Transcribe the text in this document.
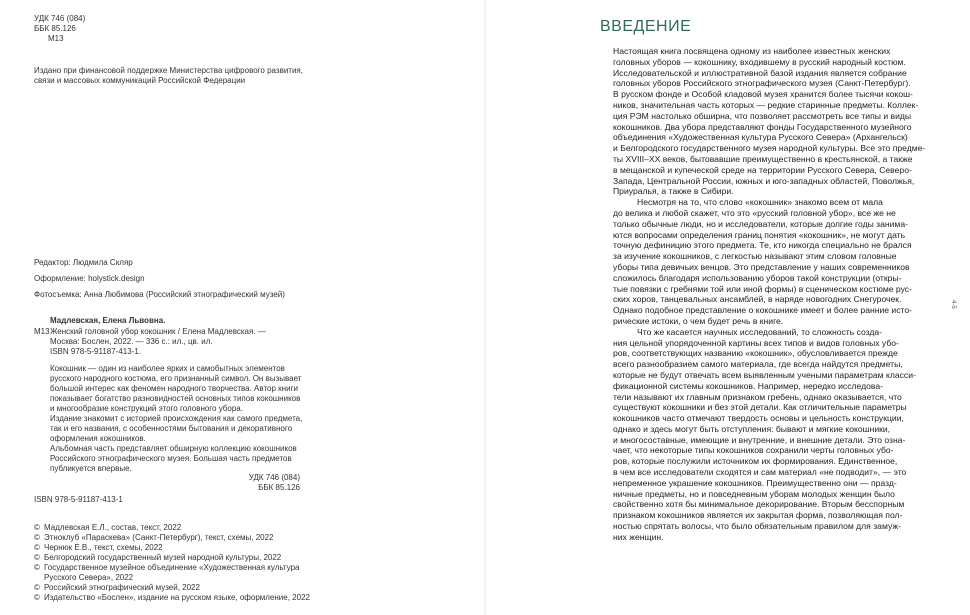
УДК 746 (084)
ББК 85.126
М13
Издано при финансовой поддержке Министерства цифрового развития,
связи и массовых коммуникаций Российской Федерации
Редактор: Людмила Скляр
Оформление: holystick.design
Фотосъемка: Анна Любимова (Российский этнографический музей)
Мадлевская, Елена Львовна.
М13 Женский головной убор кокошник / Елена Мадлевская. —
Москва: Бослен, 2022. — 336 с.: ил., цв. ил.
ISBN 978-5-91187-413-1.
Кокошник — один из наиболее ярких и самобытных элементов
русского народного костюма, его признанный символ. Он вызывает
большой интерес как феномен народного творчества. Автор книги
показывает богатство разновидностей основных типов кокошников
и многообразие конструкций этого головного убора.
Издание знакомит с историей происхождения как самого предмета,
так и его названия, с особенностями бытования и декоративного
оформления кокошников.
Альбомная часть представляет обширную коллекцию кокошников
Российского этнографического музея. Большая часть предметов
публикуется впервые.
УДК 746 (084)
ББК 85.126
ISBN 978-5-91187-413-1
© Мадлевская Е.Л., состав, текст, 2022
© Этноклуб «Параскева» (Санкт-Петербург), текст, схемы, 2022
© Чернюк Е.В., текст, схемы, 2022
© Белгородский государственный музей народной культуры, 2022
© Государственное музейное объединение «Художественная культура
Русского Севера», 2022
© Российский этнографический музей, 2022
© Издательство «Бослен», издание на русском языке, оформление, 2022
ВВЕДЕНИЕ
Настоящая книга посвящена одному из наиболее известных женских
головных уборов — кокошнику, входившему в русский народный костюм.
Исследовательской и иллюстративной базой издания является собрание
головных уборов Российского этнографического музея (Санкт-Петербург).
В русском фонде и Особой кладовой музея хранится более тысячи кокош-
ников, значительная часть которых — редкие старинные предметы. Коллек-
ция РЭМ настолько обширна, что позволяет рассмотреть все типы и виды
кокошников. Два убора представляют фонды Государственного музейного
объединения «Художественная культура Русского Севера» (Архангельск)
и Белгородского государственного музея народной культуры. Все это предме-
ты XVIII–XX веков, бытовавшие преимущественно в крестьянской, а также
в мещанской и купеческой среде на территории Русского Севера, Северо-
Запада, Центральной России, южных и юго-западных областей, Поволжья,
Приуралья, а также в Сибири.
Несмотря на то, что слово «кокошник» знакомо всем от мала
до велика и любой скажет, что это «русский головной убор», все же не
только обычные люди, но и исследователи, которые долгие годы занима-
ются вопросами определения границ понятия «кокошник», не могут дать
точную дефиницию этого предмета. Те, кто никогда специально не брался
за изучение кокошников, с легкостью называют этим словом головные
уборы типа девичьих венцов. Это представление у наших современников
сложилось благодаря использованию уборов такой конструкции (откры-
тые повязки с гребнями той или иной формы) в сценическом костюме рус-
ских хоров, танцевальных ансамблей, в наряде новогодних Снегурочек.
Однако подобное представление о кокошнике имеет и более ранние исто-
рические истоки, о чем будет речь в книге.
Что же касается научных исследований, то сложность созда-
ния цельной упорядоченной картины всех типов и видов головных убо-
ров, соответствующих названию «кокошник», обусловливается прежде
всего разнообразием самого материала, где всегда найдутся предметы,
которые не будут отвечать всем выявленным учеными параметрам класси-
фикационной системы кокошников. Например, нередко исследова-
тели называют их главным признаком гребень, однако оказывается, что
существуют кокошники и без этой детали. Как отличительные параметры
кокошников часто отмечают твердость основы и цельность конструкции,
однако и здесь могут быть отступления: бывают и мягкие кокошники,
и многосоставные, имеющие и внутренние, и внешние детали. Это озна-
чает, что некоторые типы кокошников сохранили черты головных убо-
ров, которые послужили источником их формирования. Единственное,
в чем все исследователи сходятся и сам материал «не подводит», — это
непременное украшение кокошников. Преимущественно они — празд-
ничные предметы, но и повседневным уборам молодых женщин было
свойственно хотя бы минимальное декорирование. Вторым бесспорным
признаком кокошников является их закрытая форма, позволяющая пол-
ностью спрятать волосы, что было обязательным правилом для замуж-
них женщин.
4-5
